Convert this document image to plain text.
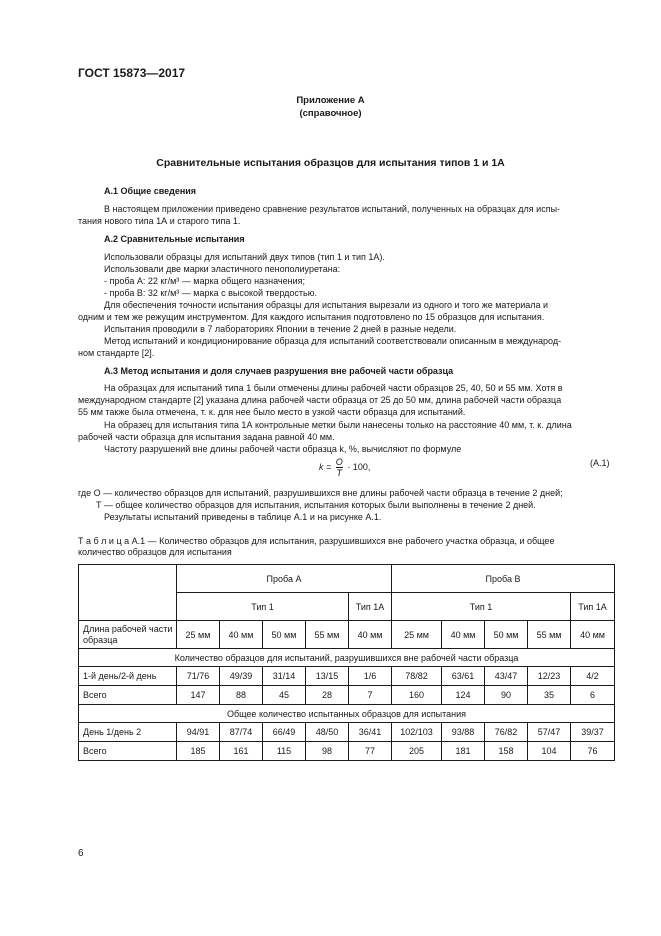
ГОСТ 15873—2017
Приложение А
(справочное)
Сравнительные испытания образцов для испытания типов 1 и 1А
А.1 Общие сведения
В настоящем приложении приведено сравнение результатов испытаний, полученных на образцах для испы-
тания нового типа 1А и старого типа 1.
А.2 Сравнительные испытания
Использовали образцы для испытаний двух типов (тип 1 и тип 1А).
Использовали две марки эластичного пенополиуретана:
- проба А: 22 кг/м³ — марка общего назначения;
- проба В: 32 кг/м³ — марка с высокой твердостью.
Для обеспечения точности испытания образцы для испытания вырезали из одного и того же материала и
одним и тем же режущим инструментом. Для каждого испытания подготовлено по 15 образцов для испытания.
Испытания проводили в 7 лабораториях Японии в течение 2 дней в разные недели.
Метод испытаний и кондиционирование образца для испытаний соответствовали описанным в международ-
ном стандарте [2].
А.3 Метод испытания и доля случаев разрушения вне рабочей части образца
На образцах для испытаний типа 1 были отмечены длины рабочей части образцов 25, 40, 50 и 55 мм. Хотя в
международном стандарте [2] указана длина рабочей части образца от 25 до 50 мм, длина рабочей части образца
55 мм также была отмечена, т. к. для нее было место в узкой части образца для испытаний.
На образец для испытания типа 1А контрольные метки были нанесены только на расстояние 40 мм, т. к. длина
рабочей части образца для испытания задана равной 40 мм.
Частоту разрушений вне длины рабочей части образца k, %, вычисляют по формуле
$k = \frac{O}{T} \cdot 100$,	(А.1)
где O — количество образцов для испытаний, разрушившихся вне длины рабочей части образца в течение 2 дней;
T — общее количество образцов для испытания, испытания которых были выполнены в течение 2 дней.
Результаты испытаний приведены в таблице А.1 и на рисунке А.1.
Т а б л и ц а А.1 — Количество образцов для испытания, разрушившихся вне рабочего участка образца, и общее
количество образцов для испытания
	Проба А					Проба В				
	Тип 1				Тип 1А	Тип 1				Тип 1А
Длина рабочей части образца	25 мм	40 мм	50 мм	55 мм	40 мм	25 мм	40 мм	50 мм	55 мм	40 мм
Количество образцов для испытаний, разрушившихся вне рабочей части образца										
1-й день/2-й день	71/76	49/39	31/14	13/15	1/6	78/82	63/61	43/47	12/23	4/2
Всего	147	88	45	28	7	160	124	90	35	6
Общее количество испытанных образцов для испытания										
День 1/день 2	94/91	87/74	66/49	48/50	36/41	102/103	93/88	76/82	57/47	39/37
Всего	185	161	115	98	77	205	181	158	104	76
6
